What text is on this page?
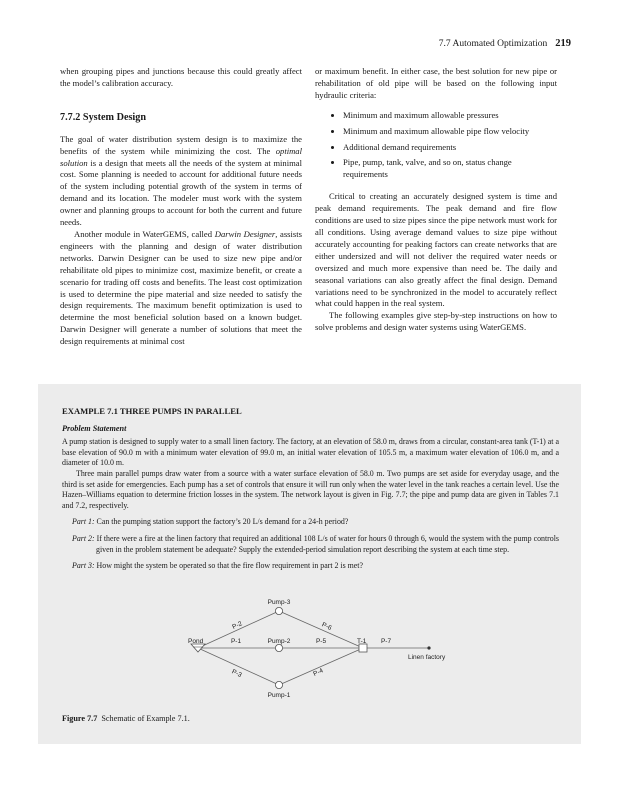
7.7 Automated Optimization 219

when grouping pipes and junctions because this could greatly affect the model’s calibration accuracy.

7.7.2 System Design

The goal of water distribution system design is to maximize the benefits of the system while minimizing the cost. The optimal solution is a design that meets all the needs of the system at minimal cost. Some planning is needed to account for additional future needs of the system including potential growth of the system in terms of demand and its location. The modeler must work with the system owner and planning groups to account for both the current and future needs.

Another module in WaterGEMS, called Darwin Designer, assists engineers with the planning and design of water distribution networks. Darwin Designer can be used to size new pipe and/or rehabilitate old pipes to minimize cost, maximize benefit, or create a scenario for trading off costs and benefits. The least cost optimization is used to determine the pipe material and size needed to satisfy the design requirements. The maximum benefit optimization is used to determine the most beneficial solution based on a known budget. Darwin Designer will generate a number of solutions that meet the design requirements at minimal cost

or maximum benefit. In either case, the best solution for new pipe or rehabilitation of old pipe will be based on the following input hydraulic criteria:

• Minimum and maximum allowable pressures
• Minimum and maximum allowable pipe flow velocity
• Additional demand requirements
• Pipe, pump, tank, valve, and so on, status change requirements

Critical to creating an accurately designed system is time and peak demand requirements. The peak demand and fire flow conditions are used to size pipes since the pipe network must work for all conditions. Using average demand values to size pipe without accurately accounting for peaking factors can create networks that are either undersized and will not deliver the required water needs or oversized and much more expensive than need be. The daily and seasonal variations can also greatly affect the final design. Demand variations need to be synchronized in the model to accurately reflect what could happen in the real system.

The following examples give step-by-step instructions on how to solve problems and design water systems using WaterGEMS.

EXAMPLE 7.1 THREE PUMPS IN PARALLEL
Problem Statement

A pump station is designed to supply water to a small linen factory. The factory, at an elevation of 58.0 m, draws from a circular, constant-area tank (T-1) at a base elevation of 90.0 m with a minimum water elevation of 99.0 m, an initial water elevation of 105.5 m, a maximum water elevation of 106.0 m, and a diameter of 10.0 m.

Three main parallel pumps draw water from a source with a water surface elevation of 58.0 m. Two pumps are set aside for everyday usage, and the third is set aside for emergencies. Each pump has a set of controls that ensure it will run only when the water level in the tank reaches a certain level. Use the Hazen–Williams equation to determine friction losses in the system. The network layout is given in Fig. 7.7; the pipe and pump data are given in Tables 7.1 and 7.2, respectively.

Part 1: Can the pumping station support the factory’s 20 L/s demand for a 24-h period?

Part 2: If there were a fire at the linen factory that required an additional 108 L/s of water for hours 0 through 6, would the system with the pump controls given in the problem statement be adequate? Supply the extended-period simulation report describing the system at each time step.

Part 3: How might the system be operated so that the fire flow requirement in part 2 is met?

Pump-3
Pump-2
Pump-1
Pond	T-1
Linen factory
P-1
P-2
P-3	P-4
P-5
P-6
P-7
Figure 7.7 Schematic of Example 7.1.
